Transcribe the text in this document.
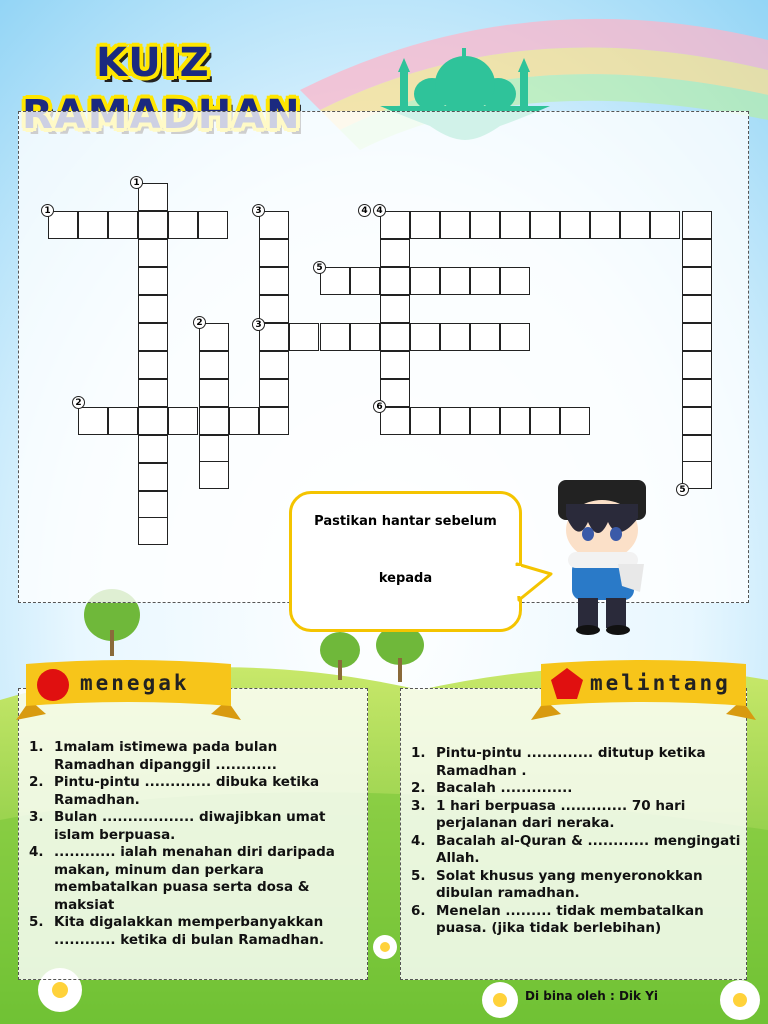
KUIZ
1
1
2
2
3
3
4 4
5
5
6
Pastikan hantar sebelum
kepada
1. 1malam istimewa pada bulan Ramadhan dipanggil ............
2. Pintu-pintu ............. dibuka ketika Ramadhan.
3. Bulan .................. diwajibkan umat islam berpuasa.
4. ............ ialah menahan diri daripada makan, minum dan perkara membatalkan puasa serta dosa & maksiat
5. Kita digalakkan memperbanyakkan ............ ketika di bulan Ramadhan.
1. Pintu-pintu ............. ditutup ketika Ramadhan .
2. Bacalah ..............
3. 1 hari berpuasa ............. 70 hari perjalanan dari neraka.
4. Bacalah al-Quran & ............ mengingati Allah.
5. Solat khusus yang menyeronokkan dibulan ramadhan.
6. Menelan ......... tidak membatalkan puasa. (jika tidak berlebihan)
menegak	melintang
Di bina oleh : Dik Yi
